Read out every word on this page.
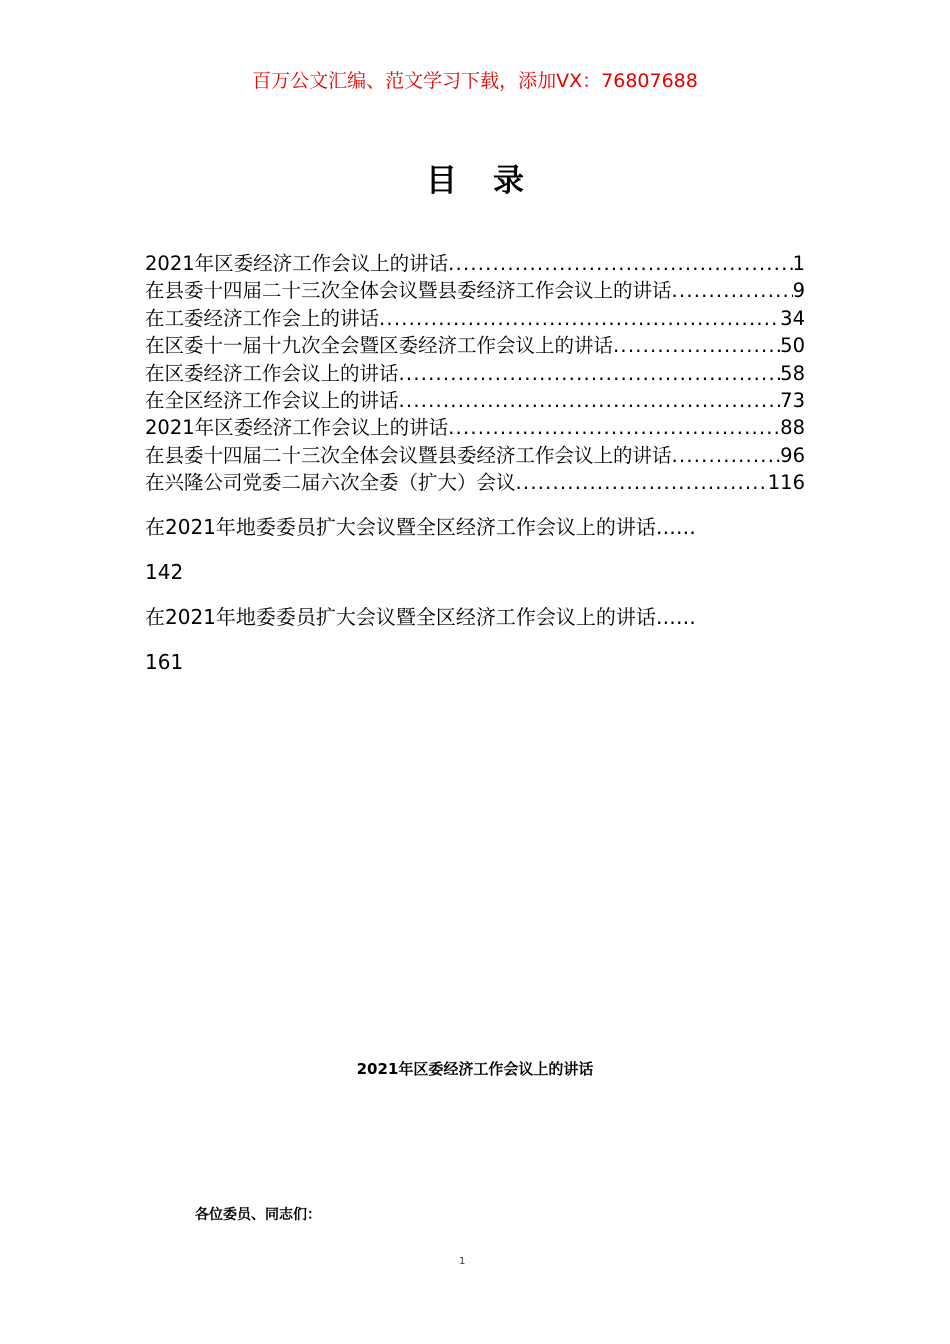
百万公文汇编、范文学习下载，添加VX：76807688
目录
2021年区委经济工作会议上的讲话 .....	1
在县委十四届二十三次全体会议暨县委经济工作会议上的讲话 .....	9
在工委经济工作会上的讲话 .....	34
在区委十一届十九次全会暨区委经济工作会议上的讲话 .....	50
在区委经济工作会议上的讲话 .....	58
在全区经济工作会议上的讲话 .....	73
2021年区委经济工作会议上的讲话 .....	88
在县委十四届二十三次全体会议暨县委经济工作会议上的讲话 .....	96
在兴隆公司党委二届六次全委（扩大）会议 .....	116
在2021年地委委员扩大会议暨全区经济工作会议上的讲话……
142
在2021年地委委员扩大会议暨全区经济工作会议上的讲话……
161
2021年区委经济工作会议上的讲话
各位委员、同志们：
1
